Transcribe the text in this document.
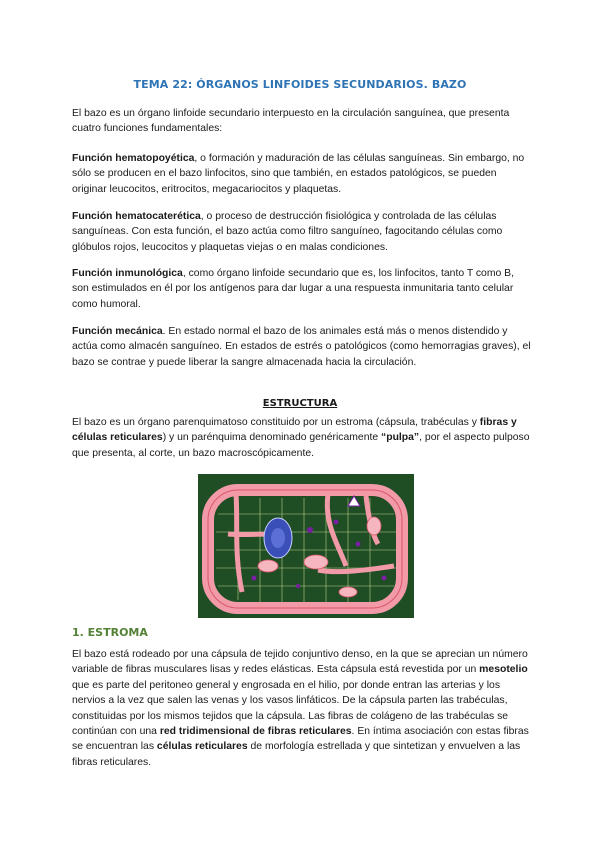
TEMA 22: ÓRGANOS LINFOIDES SECUNDARIOS. BAZO

El bazo es un órgano linfoide secundario interpuesto en la circulación sanguínea, que presenta cuatro funciones fundamentales:

Función hematopoyética, o formación y maduración de las células sanguíneas. Sin embargo, no sólo se producen en el bazo linfocitos, sino que también, en estados patológicos, se pueden originar leucocitos, eritrocitos, megacariocitos y plaquetas.

Función hematocaterética, o proceso de destrucción fisiológica y controlada de las células sanguíneas. Con esta función, el bazo actúa como filtro sanguíneo, fagocitando células como glóbulos rojos, leucocitos y plaquetas viejas o en malas condiciones.

Función inmunológica, como órgano linfoide secundario que es, los linfocitos, tanto T como B, son estimulados en él por los antígenos para dar lugar a una respuesta inmunitaria tanto celular como humoral.

Función mecánica. En estado normal el bazo de los animales está más o menos distendido y actúa como almacén sanguíneo. En estados de estrés o patológicos (como hemorragias graves), el bazo se contrae y puede liberar la sangre almacenada hacia la circulación.

ESTRUCTURA

El bazo es un órgano parenquimatoso constituido por un estroma (cápsula, trabéculas y fibras y células reticulares) y un parénquima denominado genéricamente “pulpa”, por el aspecto pulposo que presenta, al corte, un bazo macroscópicamente.

1. ESTROMA

El bazo está rodeado por una cápsula de tejido conjuntivo denso, en la que se aprecian un número variable de fibras musculares lisas y redes elásticas. Esta cápsula está revestida por un mesotelio que es parte del peritoneo general y engrosada en el hilio, por donde entran las arterias y los nervios a la vez que salen las venas y los vasos linfáticos. De la cápsula parten las trabéculas, constituidas por los mismos tejidos que la cápsula. Las fibras de colágeno de las trabéculas se continúan con una red tridimensional de fibras reticulares. En íntima asociación con estas fibras se encuentran las células reticulares de morfología estrellada y que sintetizan y envuelven a las fibras reticulares.
